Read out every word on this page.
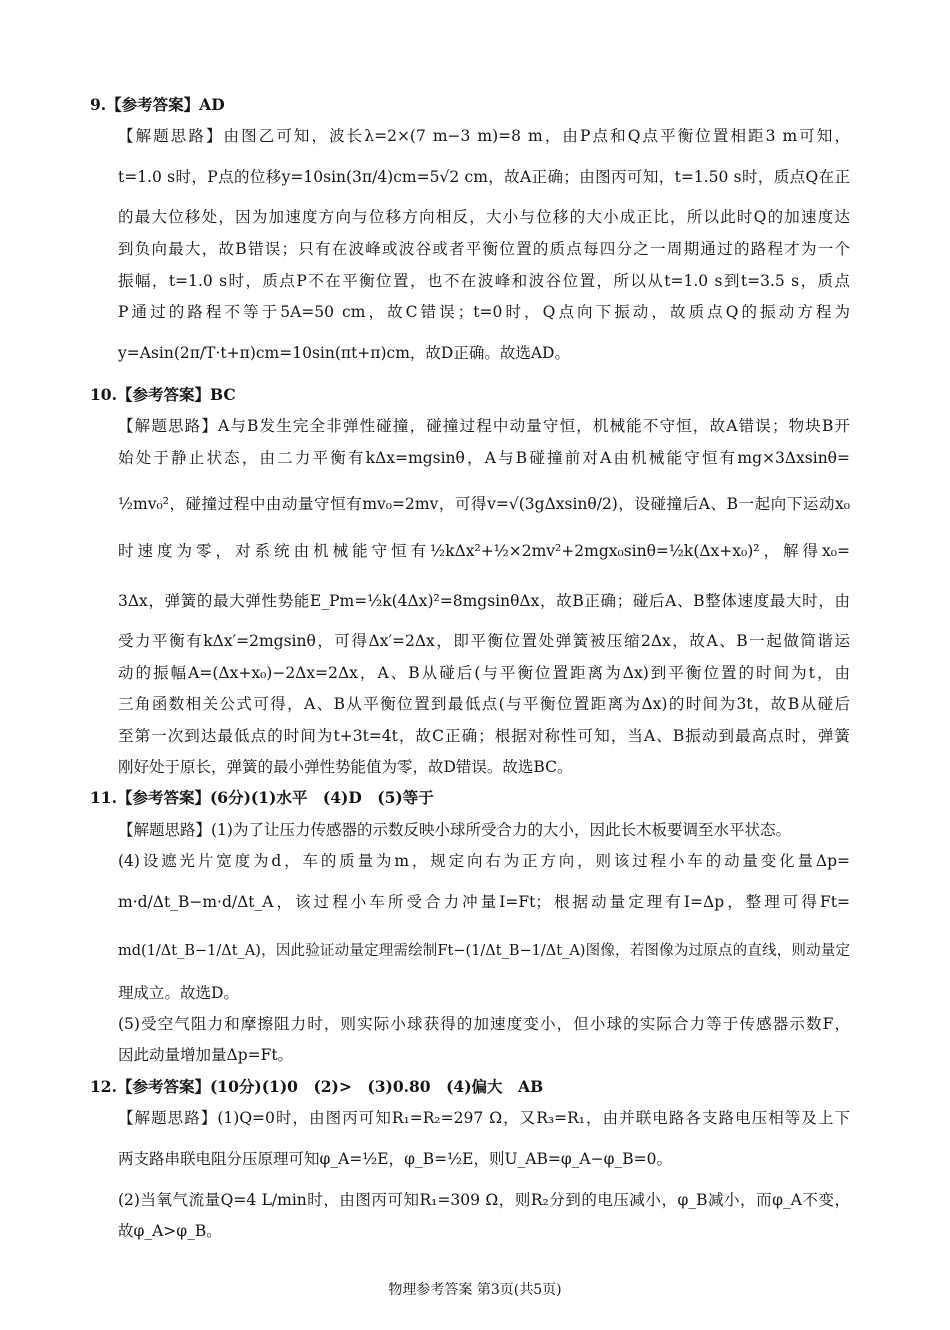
9.【参考答案】AD
【解题思路】由图乙可知，波长λ=2×(7 m−3 m)=8 m，由P点和Q点平衡位置相距3 m可知，
t=1.0 s时，P点的位移y=10sin(3π/4)cm=5√2 cm，故A正确；由图丙可知，t=1.50 s时，质点Q在正
的最大位移处，因为加速度方向与位移方向相反，大小与位移的大小成正比，所以此时Q的加速度达
到负向最大，故B错误；只有在波峰或波谷或者平衡位置的质点每四分之一周期通过的路程才为一个
振幅，t=1.0 s时，质点P不在平衡位置，也不在波峰和波谷位置，所以从t=1.0 s到t=3.5 s，质点
P通过的路程不等于5A=50 cm，故C错误；t=0时，Q点向下振动，故质点Q的振动方程为
y=Asin(2π/T·t+π)cm=10sin(πt+π)cm，故D正确。故选AD。
10.【参考答案】BC
【解题思路】A与B发生完全非弹性碰撞，碰撞过程中动量守恒，机械能不守恒，故A错误；物块B开
始处于静止状态，由二力平衡有kΔx=mgsinθ，A与B碰撞前对A由机械能守恒有mg×3Δxsinθ=
½mv₀²，碰撞过程中由动量守恒有mv₀=2mv，可得v=√(3gΔxsinθ/2)，设碰撞后A、B一起向下运动x₀
时速度为零，对系统由机械能守恒有½kΔx²+½×2mv²+2mgx₀sinθ=½k(Δx+x₀)²，解得x₀=
3Δx，弹簧的最大弹性势能E_Pm=½k(4Δx)²=8mgsinθΔx，故B正确；碰后A、B整体速度最大时，由
受力平衡有kΔx′=2mgsinθ，可得Δx′=2Δx，即平衡位置处弹簧被压缩2Δx，故A、B一起做简谐运
动的振幅A=(Δx+x₀)−2Δx=2Δx，A、B从碰后(与平衡位置距离为Δx)到平衡位置的时间为t，由
三角函数相关公式可得，A、B从平衡位置到最低点(与平衡位置距离为Δx)的时间为3t，故B从碰后
至第一次到达最低点的时间为t+3t=4t，故C正确；根据对称性可知，当A、B振动到最高点时，弹簧
刚好处于原长，弹簧的最小弹性势能值为零，故D错误。故选BC。
11.【参考答案】(6分)(1)水平　(4)D　(5)等于
【解题思路】(1)为了让压力传感器的示数反映小球所受合力的大小，因此长木板要调至水平状态。
(4)设遮光片宽度为d，车的质量为m，规定向右为正方向，则该过程小车的动量变化量Δp=
m·d/Δt_B−m·d/Δt_A，该过程小车所受合力冲量I=Ft；根据动量定理有I=Δp，整理可得Ft=
md(1/Δt_B−1/Δt_A)，因此验证动量定理需绘制Ft−(1/Δt_B−1/Δt_A)图像，若图像为过原点的直线，则动量定
理成立。故选D。
(5)受空气阻力和摩擦阻力时，则实际小球获得的加速度变小，但小球的实际合力等于传感器示数F，
因此动量增加量Δp=Ft。
12.【参考答案】(10分)(1)0　(2)>　(3)0.80　(4)偏大　AB
【解题思路】(1)Q=0时，由图丙可知R₁=R₂=297 Ω，又R₃=R₁，由并联电路各支路电压相等及上下
两支路串联电阻分压原理可知φ_A=½E，φ_B=½E，则U_AB=φ_A−φ_B=0。
(2)当氧气流量Q=4 L/min时，由图丙可知R₁=309 Ω，则R₂分到的电压减小，φ_B减小，而φ_A不变，
故φ_A>φ_B。
物理参考答案 第3页(共5页)
